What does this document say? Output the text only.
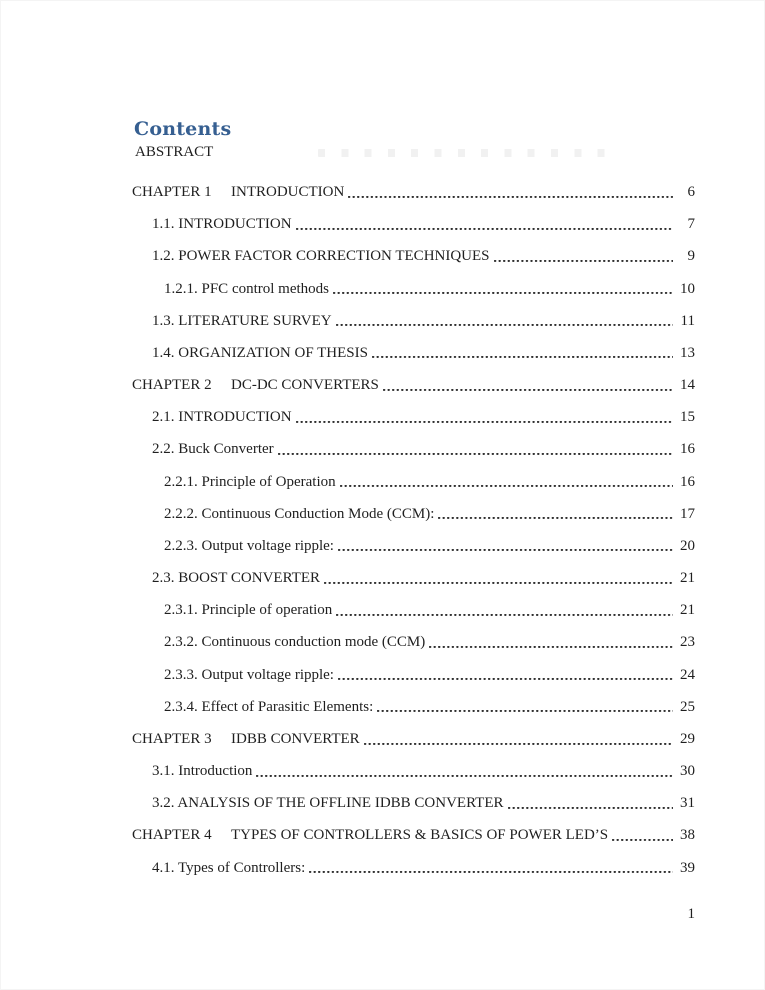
Contents
ABSTRACT
CHAPTER 1	INTRODUCTION	6
1.1. INTRODUCTION	7
1.2. POWER FACTOR CORRECTION TECHNIQUES	9
1.2.1. PFC control methods	10
1.3. LITERATURE SURVEY	11
1.4. ORGANIZATION OF THESIS	13
CHAPTER 2	DC-DC CONVERTERS	14
2.1. INTRODUCTION	15
2.2. Buck Converter	16
2.2.1. Principle of Operation	16
2.2.2. Continuous Conduction Mode (CCM):	17
2.2.3. Output voltage ripple:	20
2.3. BOOST CONVERTER	21
2.3.1. Principle of operation	21
2.3.2. Continuous conduction mode (CCM)	23
2.3.3. Output voltage ripple:	24
2.3.4. Effect of Parasitic Elements:	25
CHAPTER 3	IDBB CONVERTER	29
3.1. Introduction	30
3.2. ANALYSIS OF THE OFFLINE IDBB CONVERTER	31
CHAPTER 4	TYPES OF CONTROLLERS & BASICS OF POWER LED’S	38
4.1. Types of Controllers:	39
1
